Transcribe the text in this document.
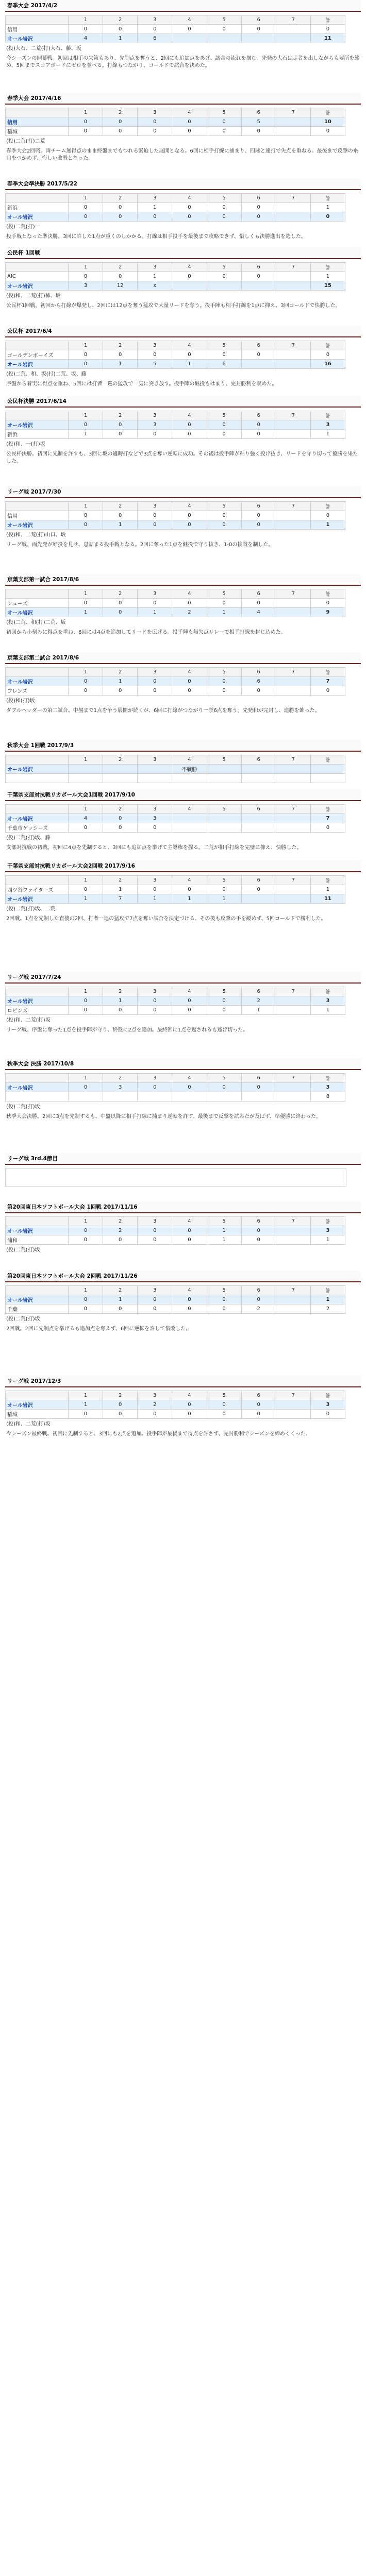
春季大会 2017/4/2
	1	2	3	4	5	6	7	計
信用	0	0	0	0	0	0		0
オール岩沢	4	1	6					11
(投)大石、二荒(打)大石、藤、坂
今シーズンの開幕戦。初回は相手の失策もあり、先制点を奪うと、2回にも追加点をあげ、試合の流れを掴む。先発の大石は走者を出しながらも要所を締め、5回までスコアボードにゼロを並べる。打線もつながり、コールドで試合を決めた。
春季大会 2017/4/16
	1	2	3	4	5	6	7	計
信用	0	0	0	0	0	5		10
稲城	0	0	0	0	0	0		0
(投)二荒(打)二荒
春季大会2回戦。両チーム無得点のまま終盤までもつれる緊迫した展開となる。6回に相手打線に捕まり、四球と連打で失点を重ねる。最後まで反撃の糸口をつかめず、悔しい敗戦となった。
春季大会準決勝 2017/5/22
	1	2	3	4	5	6	7	計
新浜	0	0	1	0	0	0		1
オール岩沢	0	0	0	0	0	0		0
(投)二荒(打)一
投手戦となった準決勝。3回に許した1点が重くのしかかる。打線は相手投手を最後まで攻略できず、惜しくも決勝進出を逃した。
公民杯 1回戦
	1	2	3	4	5	6	7	計
AIC	0	0	1	0	0	0		1
オール岩沢	3	12	x					15
(投)和、二荒(打)柿、坂
公民杯1回戦。初回から打線が爆発し、2回には12点を奪う猛攻で大量リードを奪う。投手陣も相手打線を1点に抑え、3回コールドで快勝した。
公民杯 2017/6/4
	1	2	3	4	5	6	7	計
ゴールデンボーイズ	0	0	0	0	0	0		0
オール岩沢	0	1	5	1	6			16
(投)二荒、和、坂(打)二荒、坂、藤
序盤から着実に得点を重ね、5回には打者一巡の猛攻で一気に突き放す。投手陣の継投もはまり、完封勝利を収めた。
公民杯決勝 2017/6/14
	1	2	3	4	5	6	7	計
オール岩沢	0	0	3	0	0	0		3
新浜	1	0	0	0	0	0		1
(投)和、一(打)坂
公民杯決勝。初回に先制を許すも、3回に坂の適時打などで3点を奪い逆転に成功。その後は投手陣が粘り強く投げ抜き、リードを守り切って優勝を果たした。
リーグ戦 2017/7/30
	1	2	3	4	5	6	7	計
信用	0	0	0	0	0	0		0
オール岩沢	0	1	0	0	0	0		1
(投)和、二荒(打)山口、坂
リーグ戦。両先発が好投を見せ、息詰まる投手戦となる。2回に奪った1点を継投で守り抜き、1-0の接戦を制した。
京葉支部第一試合 2017/8/6
	1	2	3	4	5	6	7	計
シューズ	0	0	0	0	0	0		0
オール岩沢	1	0	1	2	1	4		9
(投)二荒、和(打)二荒、坂
初回から小刻みに得点を重ね、6回には4点を追加してリードを広げる。投手陣も無失点リレーで相手打線を封じ込めた。
京葉支部第二試合 2017/8/6
	1	2	3	4	5	6	7	計
オール岩沢	0	1	0	0	0	6		7
フレンズ	0	0	0	0	0	0		0
(投)和(打)坂
ダブルヘッダーの第二試合。中盤まで1点を争う展開が続くが、6回に打線がつながり一挙6点を奪う。先発和が完封し、連勝を飾った。
秋季大会 1回戦 2017/9/3
	1	2	3	4	5	6	7	計
オール岩沢				不戦勝				

千葉県支部対抗戦リカボール大会1回戦 2017/9/10
	1	2	3	4	5	6	7	計
オール岩沢	4	0	3					7
千葉市ゲッシーズ	0	0	0					0
(投)二荒(打)坂、藤
支部対抗戦の初戦。初回に4点を先制すると、3回にも追加点を挙げて主導権を握る。二荒が相手打線を完璧に抑え、快勝した。
千葉県支部対抗戦リカボール大会2回戦 2017/9/16
	1	2	3	4	5	6	7	計
四ツ谷ファイターズ	0	1	0	0	0	0		1
オール岩沢	1	7	1	1	1			11
(投)二荒(打)坂、二荒
2回戦。1点を先制した直後の2回、打者一巡の猛攻で7点を奪い試合を決定づける。その後も攻撃の手を緩めず、5回コールドで勝利した。
リーグ戦 2017/7/24
	1	2	3	4	5	6	7	計
オール岩沢	0	1	0	0	0	2		3
ロビンズ	0	0	0	0	0	1		1
(投)和、二荒(打)坂
リーグ戦。序盤に奪った1点を投手陣が守り、終盤に2点を追加。最終回に1点を返されるも逃げ切った。
秋季大会 決勝 2017/10/8
	1	2	3	4	5	6	7	計
オール岩沢	0	3	0	0	0	0		3
								8
(投)二荒(打)坂
秋季大会決勝。2回に3点を先制するも、中盤以降に相手打線に捕まり逆転を許す。最後まで反撃を試みたが及ばず、準優勝に終わった。
リーグ戦 3rd.4節目
第20回東日本ソフトボール大会 1回戦 2017/11/16
	1	2	3	4	5	6	7	計
オール岩沢	0	2	0	0	1	0		3
浦和	0	0	0	0	1	0		1
(投)二荒(打)坂
第20回東日本ソフトボール大会 2回戦 2017/11/26
	1	2	3	4	5	6	7	計
オール岩沢	0	1	0	0	0	0		1
千葉	0	0	0	0	0	2		2
(投)二荒(打)坂
2回戦。2回に先制点を挙げるも追加点を奪えず、6回に逆転を許して惜敗した。
リーグ戦 2017/12/3
	1	2	3	4	5	6	7	計
オール岩沢	1	0	2	0	0	0		3
稲城	0	0	0	0	0	0		0
(投)和、二荒(打)坂
今シーズン最終戦。初回に先制すると、3回にも2点を追加。投手陣が最後まで得点を許さず、完封勝利でシーズンを締めくくった。
